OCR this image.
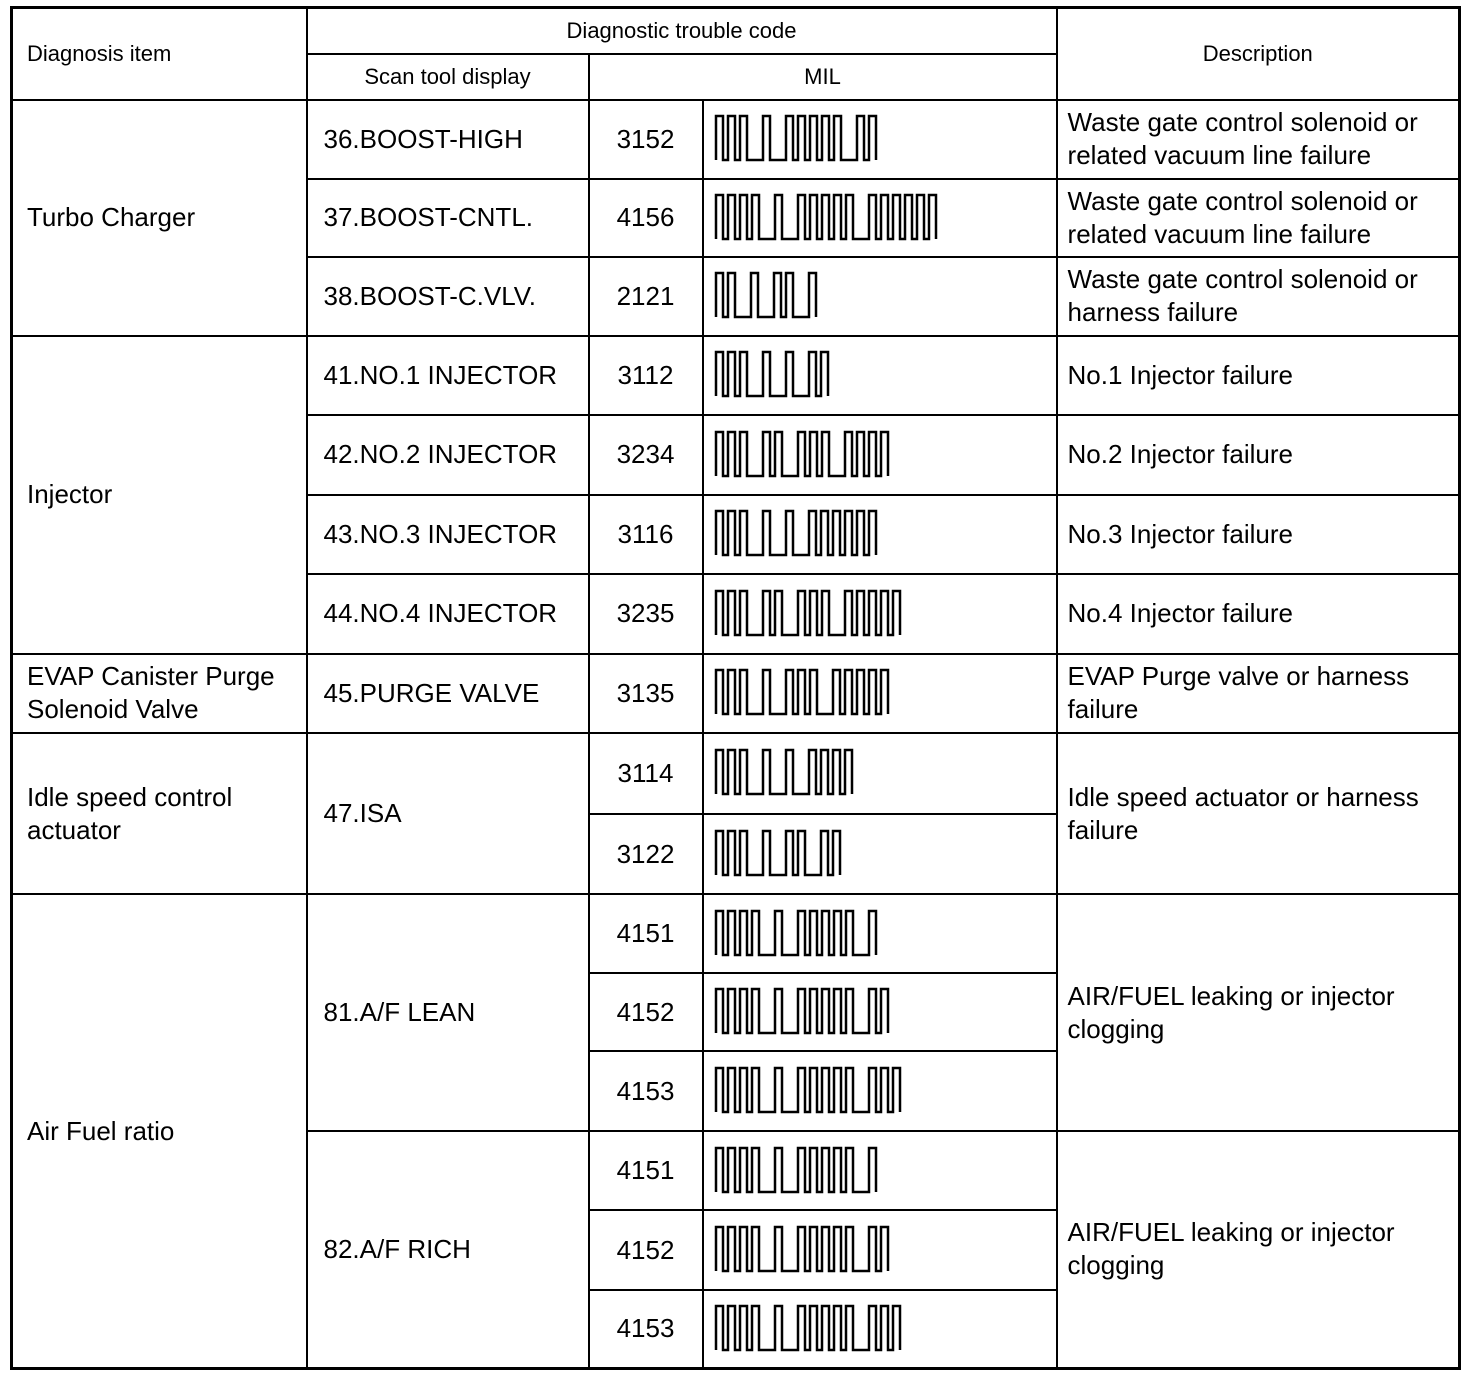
Diagnosis item	Diagnostic trouble code			Description
	Scan tool display	MIL		
Turbo Charger	36.BOOST-HIGH	3152		Waste gate control solenoid or related vacuum line failure
	37.BOOST-CNTL.	4156		Waste gate control solenoid or related vacuum line failure
	38.BOOST-C.VLV.	2121		Waste gate control solenoid or harness failure
Injector	41.NO.1 INJECTOR	3112		No.1 Injector failure
	42.NO.2 INJECTOR	3234		No.2 Injector failure
	43.NO.3 INJECTOR	3116		No.3 Injector failure
	44.NO.4 INJECTOR	3235		No.4 Injector failure
EVAP Canister Purge Solenoid Valve	45.PURGE VALVE	3135		EVAP Purge valve or harness failure
Idle speed control actuator	47.ISA	3114		Idle speed actuator or harness failure
		3122	

Air Fuel ratio	81.A/F LEAN	4151		AIR/FUEL leaking or injector clogging
		4152	

		4153	

	82.A/F RICH	4151		AIR/FUEL leaking or injector clogging
		4152	

		4153	
